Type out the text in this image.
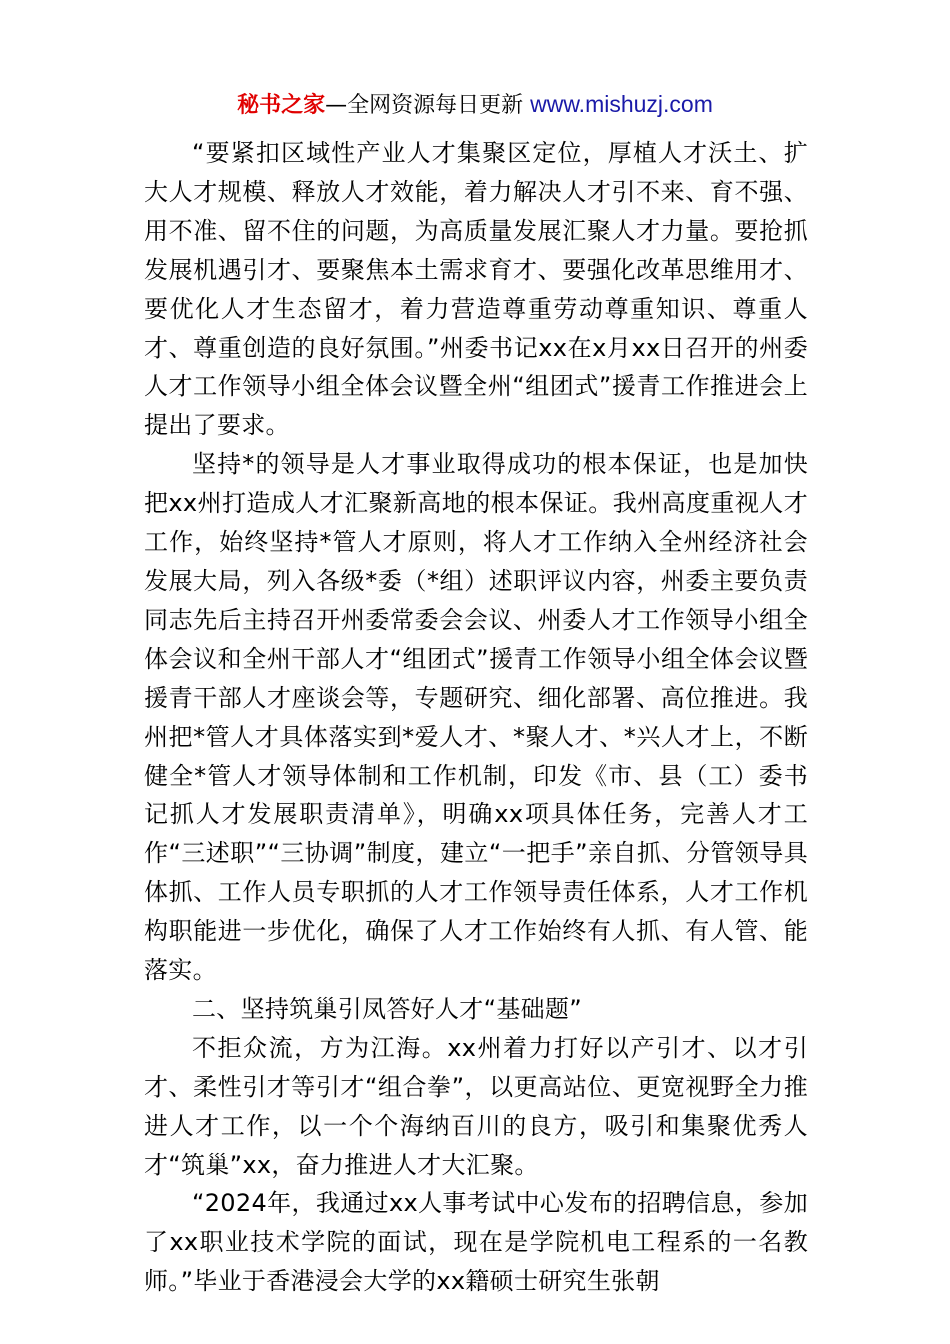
秘书之家—全网资源每日更新 www.mishuzj.com

“要紧扣区域性产业人才集聚区定位，厚植人才沃土、扩大人才规模、释放人才效能，着力解决人才引不来、育不强、用不准、留不住的问题，为高质量发展汇聚人才力量。要抢抓发展机遇引才、要聚焦本土需求育才、要强化改革思维用才、要优化人才生态留才，着力营造尊重劳动尊重知识、尊重人才、尊重创造的良好氛围。”州委书记xx在x月xx日召开的州委人才工作领导小组全体会议暨全州“组团式”援青工作推进会上提出了要求。

坚持*的领导是人才事业取得成功的根本保证，也是加快把xx州打造成人才汇聚新高地的根本保证。我州高度重视人才工作，始终坚持*管人才原则，将人才工作纳入全州经济社会发展大局，列入各级*委（*组）述职评议内容，州委主要负责同志先后主持召开州委常委会会议、州委人才工作领导小组全体会议和全州干部人才“组团式”援青工作领导小组全体会议暨援青干部人才座谈会等，专题研究、细化部署、高位推进。我州把*管人才具体落实到*爱人才、*聚人才、*兴人才上，不断健全*管人才领导体制和工作机制，印发《市、县（工）委书记抓人才发展职责清单》，明确xx项具体任务，完善人才工作“三述职”“三协调”制度，建立“一把手”亲自抓、分管领导具体抓、工作人员专职抓的人才工作领导责任体系，人才工作机构职能进一步优化，确保了人才工作始终有人抓、有人管、能落实。

二、坚持筑巢引凤答好人才“基础题”

不拒众流，方为江海。xx州着力打好以产引才、以才引才、柔性引才等引才“组合拳”，以更高站位、更宽视野全力推进人才工作，以一个个海纳百川的良方，吸引和集聚优秀人才“筑巢”xx，奋力推进人才大汇聚。

“2024年，我通过xx人事考试中心发布的招聘信息，参加了xx职业技术学院的面试，现在是学院机电工程系的一名教师。”毕业于香港浸会大学的xx籍硕士研究生张朝
